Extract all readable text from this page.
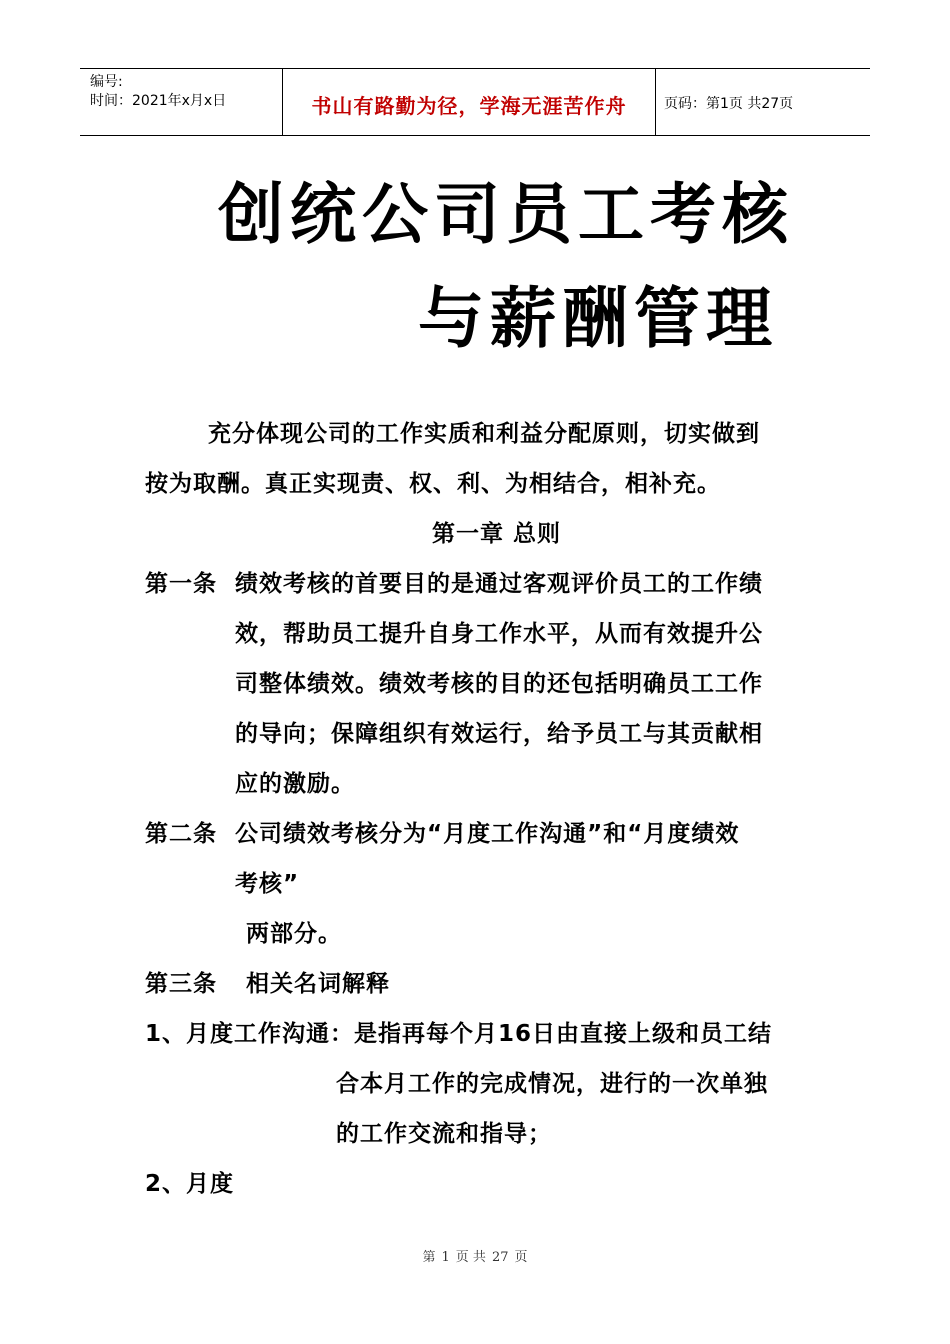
编号:
时间：2021年x月x日	书山有路勤为径，学海无涯苦作舟	页码：第1页 共27页
创统公司员工考核
与薪酬管理
充分体现公司的工作实质和利益分配原则，切实做到
按为取酬。真正实现责、权、利、为相结合，相补充。
第一章 总则
第一条 绩效考核的首要目的是通过客观评价员工的工作绩
效，帮助员工提升自身工作水平，从而有效提升公
司整体绩效。绩效考核的目的还包括明确员工工作
的导向；保障组织有效运行，给予员工与其贡献相
应的激励。
第二条 公司绩效考核分为“月度工作沟通”和“月度绩效
考核”
两部分。
第三条 相关名词解释
1、月度工作沟通：是指再每个月16日由直接上级和员工结
合本月工作的完成情况，进行的一次单独
的工作交流和指导；
2、月度
第 1 页 共 27 页
